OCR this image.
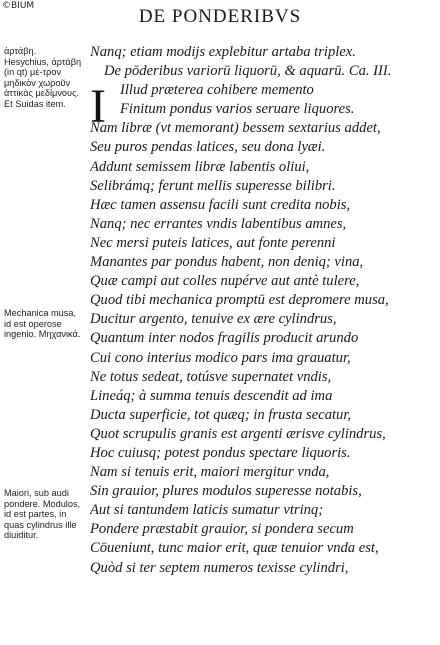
©BIUM	DE PONDERIBVS
ἀρτάβη. Hesychius, ἀρτάβη (in qt) μέ-τρον μηδικὸν χωροῦν ἀττικὰς μεδίμνους. Et Suidas item.
Mechanica musa, id est operose ingenio. Μηχανικά.
Maiori, sub audi pondere. Modulos, id est partes, in quas cylindrus ille diuiditur.
I
Nanq; etiam modijs explebitur artaba triplex.
De pōderibus variorū liquorū, & aquarū. Ca. III.
Illud præterea cohibere memento
Finitum pondus varios seruare liquores.
Nam libræ (vt memorant) bessem sextarius addet,
Seu puros pendas latices, seu dona lyæi.
Addunt semissem libræ labentis oliui,
Selibrámq; ferunt mellis superesse bilibri.
Hæc tamen assensu facili sunt credita nobis,
Nanq; nec errantes vndis labentibus amnes,
Nec mersi puteis latices, aut fonte perenni
Manantes par pondus habent, non deniq; vina,
Quæ campi aut colles nupérve aut antè tulere,
Quod tibi mechanica promptū est depromere musa,
Ducitur argento, tenuive ex ære cylindrus,
Quantum inter nodos fragilis producit arundo
Cui cono interius modico pars ima grauatur,
Ne totus sedeat, totúsve supernatet vndis,
Lineáq; à summa tenuis descendit ad ima
Ducta superficie, tot quæq; in frusta secatur,
Quot scrupulis granis est argenti ærisve cylindrus,
Hoc cuiusq; potest pondus spectare liquoris.
Nam si tenuis erit, maiori mergitur vnda,
Sin grauior, plures modulos superesse notabis,
Aut si tantundem laticis sumatur vtrinq;
Pondere præstabit grauior, si pondera secum
Cōueniunt, tunc maior erit, quæ tenuior vnda est,
Quòd si ter septem numeros texisse cylindri,
